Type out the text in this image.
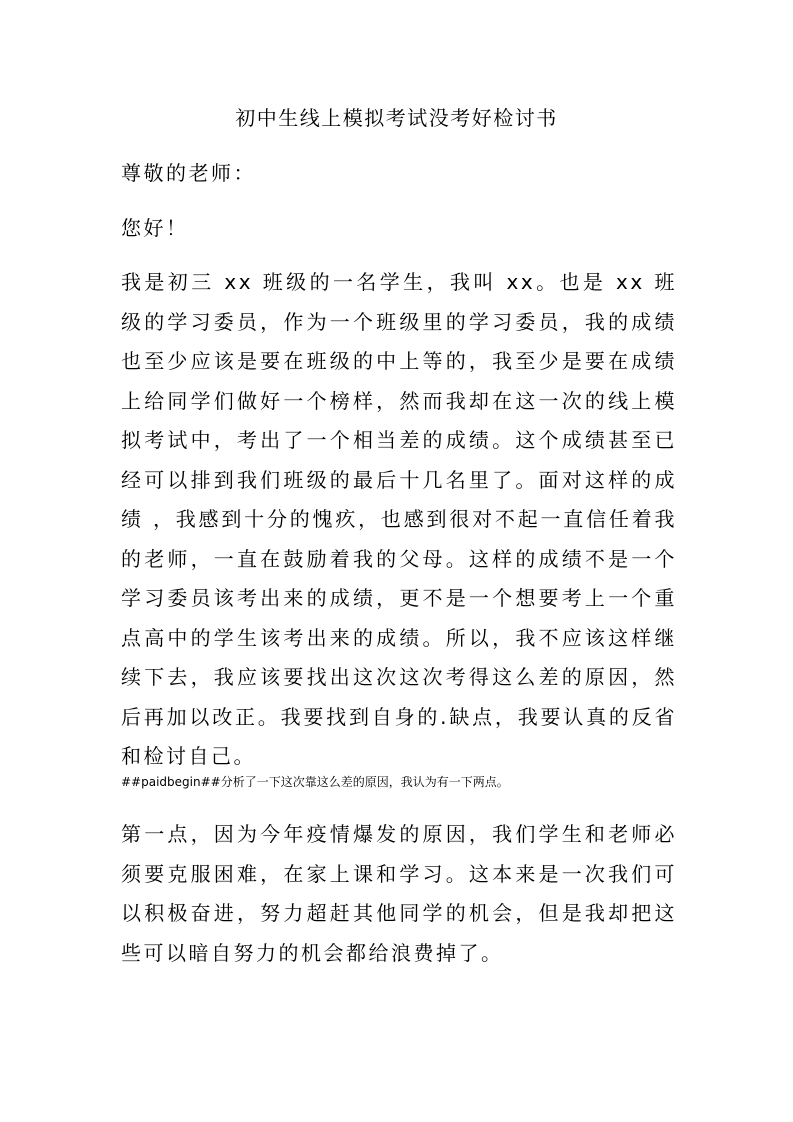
初中生线上模拟考试没考好检讨书

尊敬的老师：

您好！

我是初三 xx 班级的一名学生，我叫 xx。也是 xx 班级的学习委员，作为一个班级里的学习委员，我的成绩也至少应该是要在班级的中上等的，我至少是要在成绩上给同学们做好一个榜样，然而我却在这一次的线上模拟考试中，考出了一个相当差的成绩。这个成绩甚至已经可以排到我们班级的最后十几名里了。面对这样的成绩 ，我感到十分的愧疚，也感到很对不起一直信任着我的老师，一直在鼓励着我的父母。这样的成绩不是一个学习委员该考出来的成绩，更不是一个想要考上一个重点高中的学生该考出来的成绩。所以，我不应该这样继续下去，我应该要找出这次这次考得这么差的原因，然后再加以改正。我要找到自身的.缺点，我要认真的反省和检讨自己。

##paidbegin##分析了一下这次靠这么差的原因，我认为有一下两点。

第一点，因为今年疫情爆发的原因，我们学生和老师必须要克服困难，在家上课和学习。这本来是一次我们可以积极奋进，努力超赶其他同学的机会，但是我却把这些可以暗自努力的机会都给浪费掉了。
